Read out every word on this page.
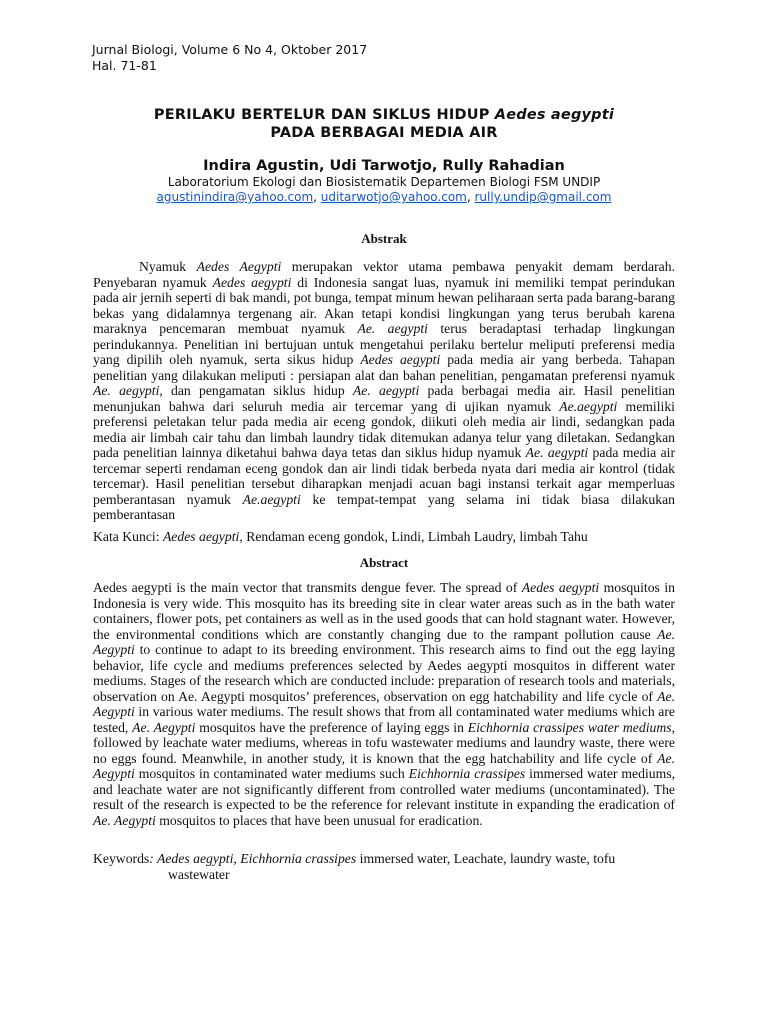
Jurnal Biologi, Volume 6 No 4, Oktober 2017
Hal. 71-81
PERILAKU BERTELUR DAN SIKLUS HIDUP Aedes aegypti
PADA BERBAGAI MEDIA AIR
Indira Agustin, Udi Tarwotjo, Rully Rahadian
Laboratorium Ekologi dan Biosistematik Departemen Biologi FSM UNDIP
agustinindira@yahoo.com, uditarwotjo@yahoo.com, rully.undip@gmail.com
Abstrak
Nyamuk Aedes Aegypti merupakan vektor utama pembawa penyakit demam berdarah. Penyebaran nyamuk Aedes aegypti di Indonesia sangat luas, nyamuk ini memiliki tempat perindukan pada air jernih seperti di bak mandi, pot bunga, tempat minum hewan peliharaan serta pada barang-barang bekas yang didalamnya tergenang air. Akan tetapi kondisi lingkungan yang terus berubah karena maraknya pencemaran membuat nyamuk Ae. aegypti terus beradaptasi terhadap lingkungan perindukannya. Penelitian ini bertujuan untuk mengetahui perilaku bertelur meliputi preferensi media yang dipilih oleh nyamuk, serta sikus hidup Aedes aegypti pada media air yang berbeda. Tahapan penelitian yang dilakukan meliputi : persiapan alat dan bahan penelitian, pengamatan preferensi nyamuk Ae. aegypti, dan pengamatan siklus hidup Ae. aegypti pada berbagai media air. Hasil penelitian menunjukan bahwa dari seluruh media air tercemar yang di ujikan nyamuk Ae.aegypti memiliki preferensi peletakan telur pada media air eceng gondok, diikuti oleh media air lindi, sedangkan pada media air limbah cair tahu dan limbah laundry tidak ditemukan adanya telur yang diletakan. Sedangkan pada penelitian lainnya diketahui bahwa daya tetas dan siklus hidup nyamuk Ae. aegypti pada media air tercemar seperti rendaman eceng gondok dan air lindi tidak berbeda nyata dari media air kontrol (tidak tercemar). Hasil penelitian tersebut diharapkan menjadi acuan bagi instansi terkait agar memperluas pemberantasan nyamuk Ae.aegypti ke tempat-tempat yang selama ini tidak biasa dilakukan pemberantasan
Kata Kunci: Aedes aegypti, Rendaman eceng gondok, Lindi, Limbah Laudry, limbah Tahu
Abstract
Aedes aegypti is the main vector that transmits dengue fever. The spread of Aedes aegypti mosquitos in Indonesia is very wide. This mosquito has its breeding site in clear water areas such as in the bath water containers, flower pots, pet containers as well as in the used goods that can hold stagnant water. However, the environmental conditions which are constantly changing due to the rampant pollution cause Ae. Aegypti to continue to adapt to its breeding environment. This research aims to find out the egg laying behavior, life cycle and mediums preferences selected by Aedes aegypti mosquitos in different water mediums. Stages of the research which are conducted include: preparation of research tools and materials, observation on Ae. Aegypti mosquitos’ preferences, observation on egg hatchability and life cycle of Ae. Aegypti in various water mediums. The result shows that from all contaminated water mediums which are tested, Ae. Aegypti mosquitos have the preference of laying eggs in Eichhornia crassipes water mediums, followed by leachate water mediums, whereas in tofu wastewater mediums and laundry waste, there were no eggs found. Meanwhile, in another study, it is known that the egg hatchability and life cycle of Ae. Aegypti mosquitos in contaminated water mediums such Eichhornia crassipes immersed water mediums, and leachate water are not significantly different from controlled water mediums (uncontaminated). The result of the research is expected to be the reference for relevant institute in expanding the eradication of Ae. Aegypti mosquitos to places that have been unusual for eradication.
Keywords: Aedes aegypti, Eichhornia crassipes immersed water, Leachate, laundry waste, tofu
wastewater
